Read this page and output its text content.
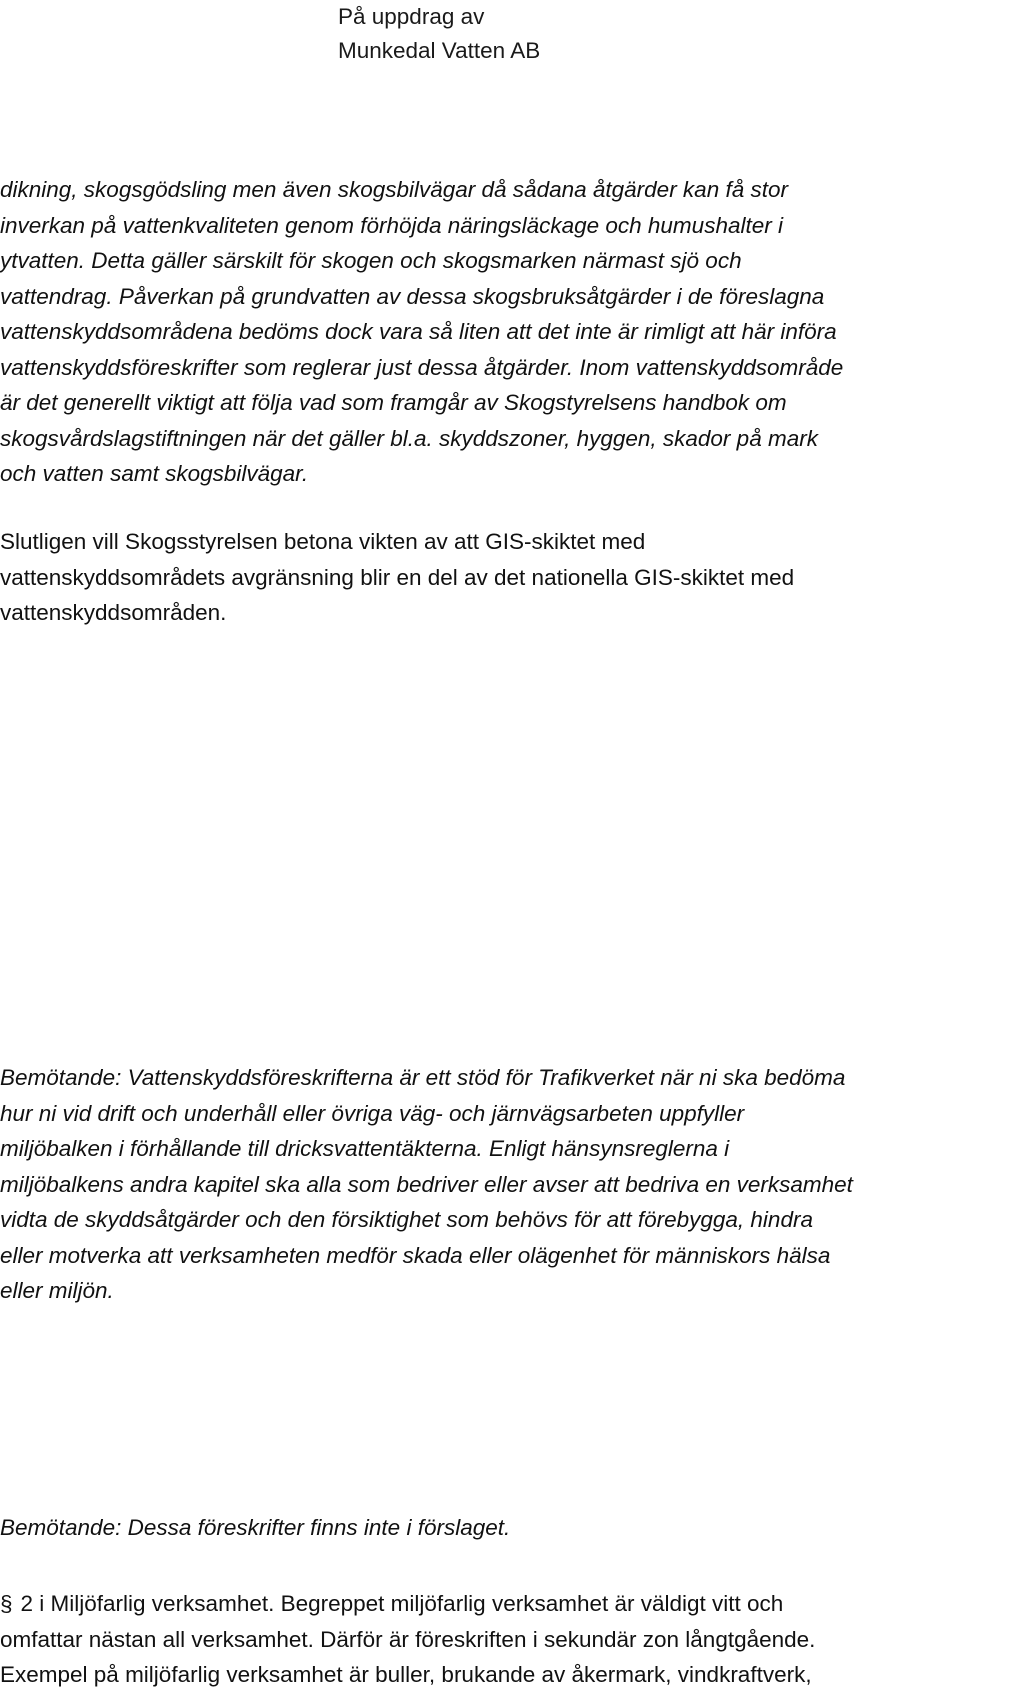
På uppdrag av
Munkedal Vatten AB

dikning, skogsgödsling men även skogsbilvägar då sådana åtgärder kan få stor
inverkan på vattenkvaliteten genom förhöjda näringsläckage och humushalter i
ytvatten. Detta gäller särskilt för skogen och skogsmarken närmast sjö och
vattendrag. Påverkan på grundvatten av dessa skogsbruksåtgärder i de föreslagna
vattenskyddsområdena bedöms dock vara så liten att det inte är rimligt att här införa
vattenskyddsföreskrifter som reglerar just dessa åtgärder. Inom vattenskyddsområde
är det generellt viktigt att följa vad som framgår av Skogstyrelsens handbok om
skogsvårdslagstiftningen när det gäller bl.a. skyddszoner, hyggen, skador på mark
och vatten samt skogsbilvägar.

Slutligen vill Skogsstyrelsen betona vikten av att GIS-skiktet med
vattenskyddsområdets avgränsning blir en del av det nationella GIS-skiktet med
vattenskyddsområden.

Bemötande: Vattenskyddsföreskrifterna är ett stöd för Trafikverket när ni ska bedöma
hur ni vid drift och underhåll eller övriga väg- och järnvägsarbeten uppfyller
miljöbalken i förhållande till dricksvattentäkterna. Enligt hänsynsreglerna i
miljöbalkens andra kapitel ska alla som bedriver eller avser att bedriva en verksamhet
vidta de skyddsåtgärder och den försiktighet som behövs för att förebygga, hindra
eller motverka att verksamheten medför skada eller olägenhet för människors hälsa
eller miljön.

Bemötande: Dessa föreskrifter finns inte i förslaget.

§ 2 i Miljöfarlig verksamhet. Begreppet miljöfarlig verksamhet är väldigt vitt och
omfattar nästan all verksamhet. Därför är föreskriften i sekundär zon långtgående.
Exempel på miljöfarlig verksamhet är buller, brukande av åkermark, vindkraftverk,
